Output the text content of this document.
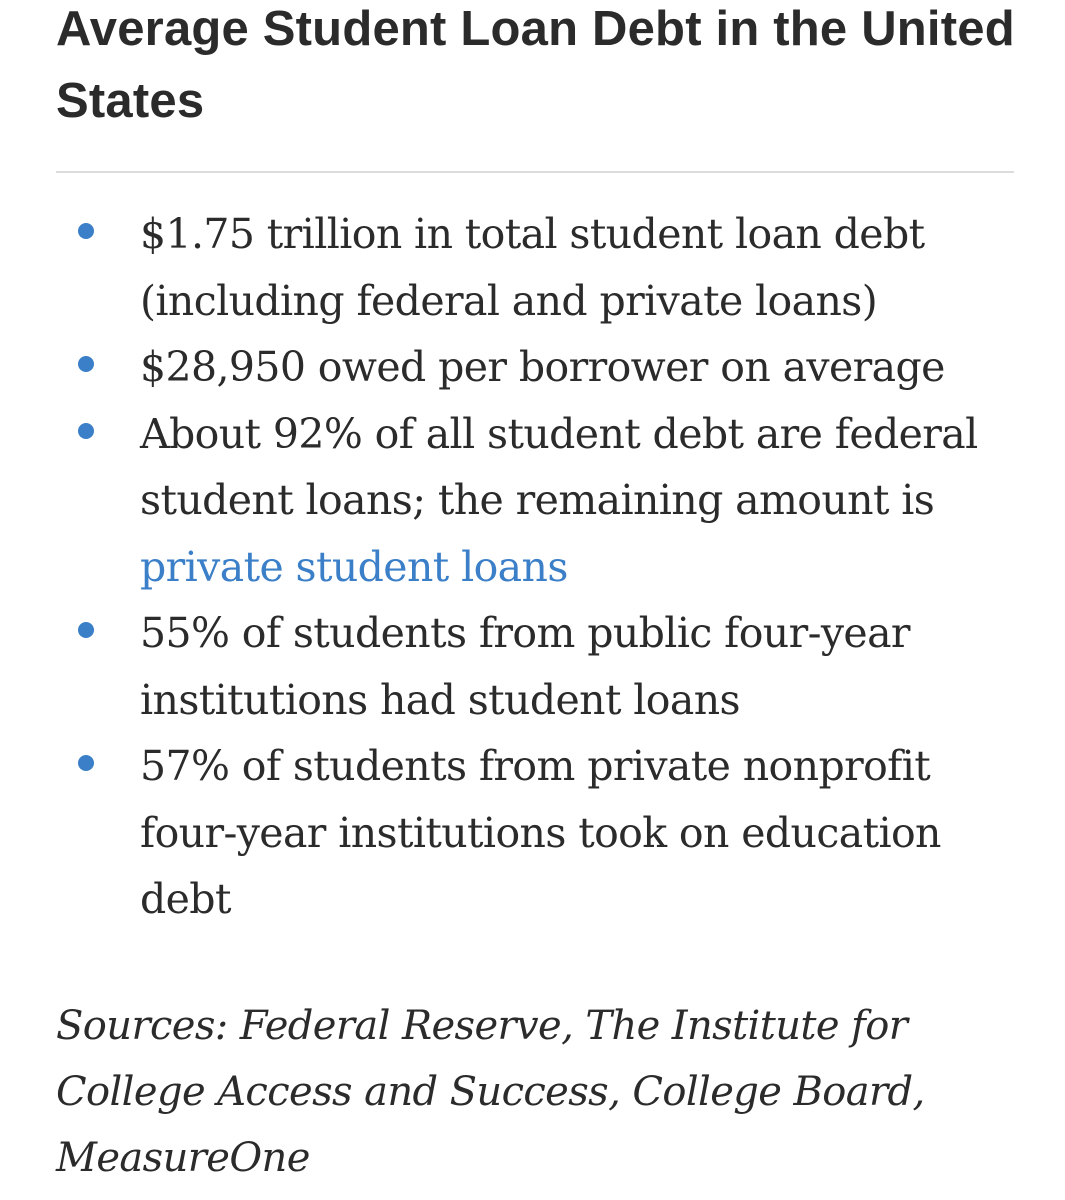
Average Student Loan Debt in the United States
$1.75 trillion in total student loan debt (including federal and private loans)
$28,950 owed per borrower on average
About 92% of all student debt are federal student loans; the remaining amount is private student loans
55% of students from public four-year institutions had student loans
57% of students from private nonprofit four-year institutions took on education debt

Sources: Federal Reserve, The Institute for College Access and Success, College Board, MeasureOne
